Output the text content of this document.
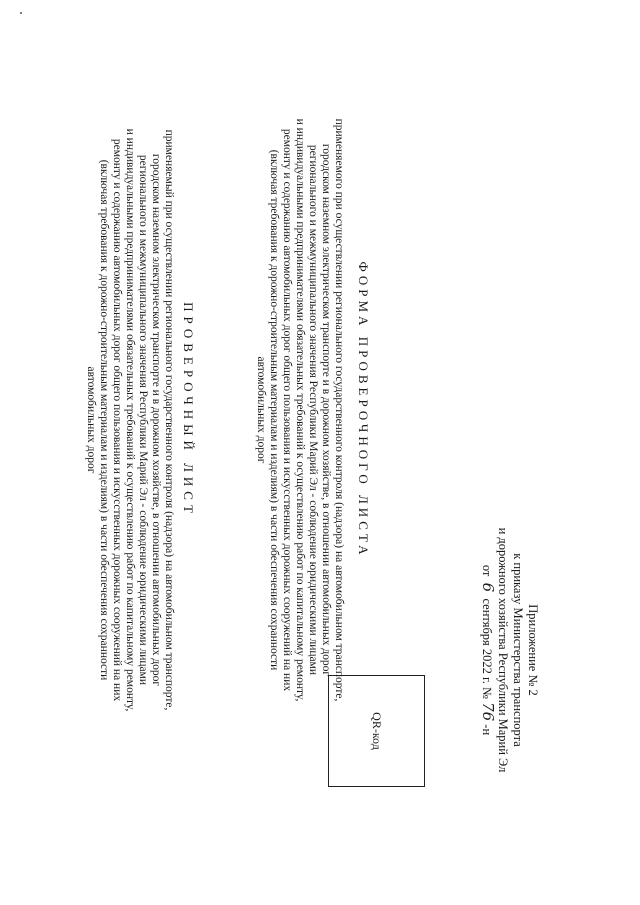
Приложение № 2
к приказу Министерства транспорта
и дорожного хозяйства Республики Марий Эл
от  6  сентября 2022 г. № 76 -н
QR-код
ФОРМА ПРОВЕРОЧНОГО ЛИСТА
применяемого при осуществлении регионального государственного контроля (надзора) на автомобильном транспорте,
городском наземном электрическом транспорте и в дорожном хозяйстве, в отношении автомобильных дорог
регионального и межмуниципального значения Республики Марий Эл - соблюдение юридическими лицами
и индивидуальными предпринимателями обязательных требований к осуществлению работ по капитальному ремонту,
ремонту и содержанию автомобильных дорог общего пользования и искусственных дорожных сооружений на них
(включая требования к дорожно-строительным материалам и изделиям) в части обеспечения сохранности
автомобильных дорог
ПРОВЕРОЧНЫЙ ЛИСТ
применяемый при осуществлении регионального государственного контроля (надзора) на автомобильном транспорте,
городском наземном электрическом транспорте и в дорожном хозяйстве, в отношении автомобильных дорог
регионального и межмуниципального значения Республики Марий Эл - соблюдение юридическими лицами
и индивидуальными предпринимателями обязательных требований к осуществлению работ по капитальному ремонту,
ремонту и содержанию автомобильных дорог общего пользования и искусственных дорожных сооружений на них
(включая требования к дорожно-строительным материалам и изделиям) в части обеспечения сохранности
автомобильных дорог
